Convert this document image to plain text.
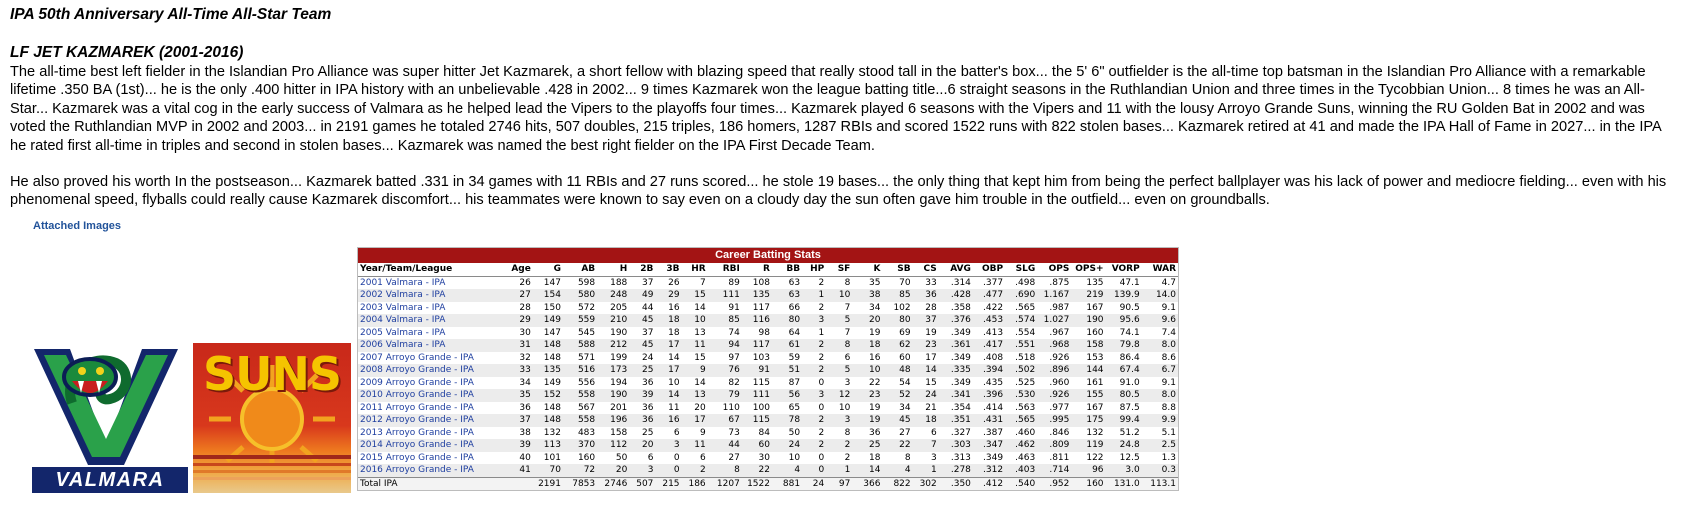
IPA 50th Anniversary All-Time All-Star Team
LF JET KAZMAREK (2001-2016)

The all-time best left fielder in the Islandian Pro Alliance was super hitter Jet Kazmarek, a short fellow with blazing speed that really stood tall in the batter's box... the 5' 6" outfielder is the all-time top batsman in the Islandian Pro Alliance with a remarkable lifetime .350 BA (1st)... he is the only .400 hitter in IPA history with an unbelievable .428 in 2002... 9 times Kazmarek won the league batting title...6 straight seasons in the Ruthlandian Union and three times in the Tycobbian Union... 8 times he was an All-Star... Kazmarek was a vital cog in the early success of Valmara as he helped lead the Vipers to the playoffs four times... Kazmarek played 6 seasons with the Vipers and 11 with the lousy Arroyo Grande Suns, winning the RU Golden Bat in 2002 and was voted the Ruthlandian MVP in 2002 and 2003... in 2191 games he totaled 2746 hits, 507 doubles, 215 triples, 186 homers, 1287 RBIs and scored 1522 runs with 822 stolen bases... Kazmarek retired at 41 and made the IPA Hall of Fame in 2027... in the IPA he rated first all-time in triples and second in stolen bases... Kazmarek was named the best right fielder on the IPA First Decade Team.

He also proved his worth In the postseason... Kazmarek batted .331 in 34 games with 11 RBIs and 27 runs scored... he stole 19 bases... the only thing that kept him from being the perfect ballplayer was his lack of power and mediocre fielding... even with his phenomenal speed, flyballs could really cause Kazmarek discomfort... his teammates were known to say even on a cloudy day the sun often gave him trouble in the outfield... even on groundballs.

Attached Images
VALMARA
SUNS
Career Batting Stats
Year/Team/League	Age	G	AB	H	2B	3B	HR	RBI	R	BB	HP	SF	K	SB	CS	AVG	OBP	SLG	OPS	OPS+	VORP	WAR
2001 Valmara - IPA	26	147	598	188	37	26	7	89	108	63	2	8	35	70	33	.314	.377	.498	.875	135	47.1	4.7
2002 Valmara - IPA	27	154	580	248	49	29	15	111	135	63	1	10	38	85	36	.428	.477	.690	1.167	219	139.9	14.0
2003 Valmara - IPA	28	150	572	205	44	16	14	91	117	66	2	7	34	102	28	.358	.422	.565	.987	167	90.5	9.1
2004 Valmara - IPA	29	149	559	210	45	18	10	85	116	80	3	5	20	80	37	.376	.453	.574	1.027	190	95.6	9.6
2005 Valmara - IPA	30	147	545	190	37	18	13	74	98	64	1	7	19	69	19	.349	.413	.554	.967	160	74.1	7.4
2006 Valmara - IPA	31	148	588	212	45	17	11	94	117	61	2	8	18	62	23	.361	.417	.551	.968	158	79.8	8.0
2007 Arroyo Grande - IPA	32	148	571	199	24	14	15	97	103	59	2	6	16	60	17	.349	.408	.518	.926	153	86.4	8.6
2008 Arroyo Grande - IPA	33	135	516	173	25	17	9	76	91	51	2	5	10	48	14	.335	.394	.502	.896	144	67.4	6.7
2009 Arroyo Grande - IPA	34	149	556	194	36	10	14	82	115	87	0	3	22	54	15	.349	.435	.525	.960	161	91.0	9.1
2010 Arroyo Grande - IPA	35	152	558	190	39	14	13	79	111	56	3	12	23	52	24	.341	.396	.530	.926	155	80.5	8.0
2011 Arroyo Grande - IPA	36	148	567	201	36	11	20	110	100	65	0	10	19	34	21	.354	.414	.563	.977	167	87.5	8.8
2012 Arroyo Grande - IPA	37	148	558	196	36	16	17	67	115	78	2	3	19	45	18	.351	.431	.565	.995	175	99.4	9.9
2013 Arroyo Grande - IPA	38	132	483	158	25	6	9	73	84	50	2	8	36	27	6	.327	.387	.460	.846	132	51.2	5.1
2014 Arroyo Grande - IPA	39	113	370	112	20	3	11	44	60	24	2	2	25	22	7	.303	.347	.462	.809	119	24.8	2.5
2015 Arroyo Grande - IPA	40	101	160	50	6	0	6	27	30	10	0	2	18	8	3	.313	.349	.463	.811	122	12.5	1.3
2016 Arroyo Grande - IPA	41	70	72	20	3	0	2	8	22	4	0	1	14	4	1	.278	.312	.403	.714	96	3.0	0.3
Total IPA		2191	7853	2746	507	215	186	1207	1522	881	24	97	366	822	302	.350	.412	.540	.952	160	131.0	113.1
